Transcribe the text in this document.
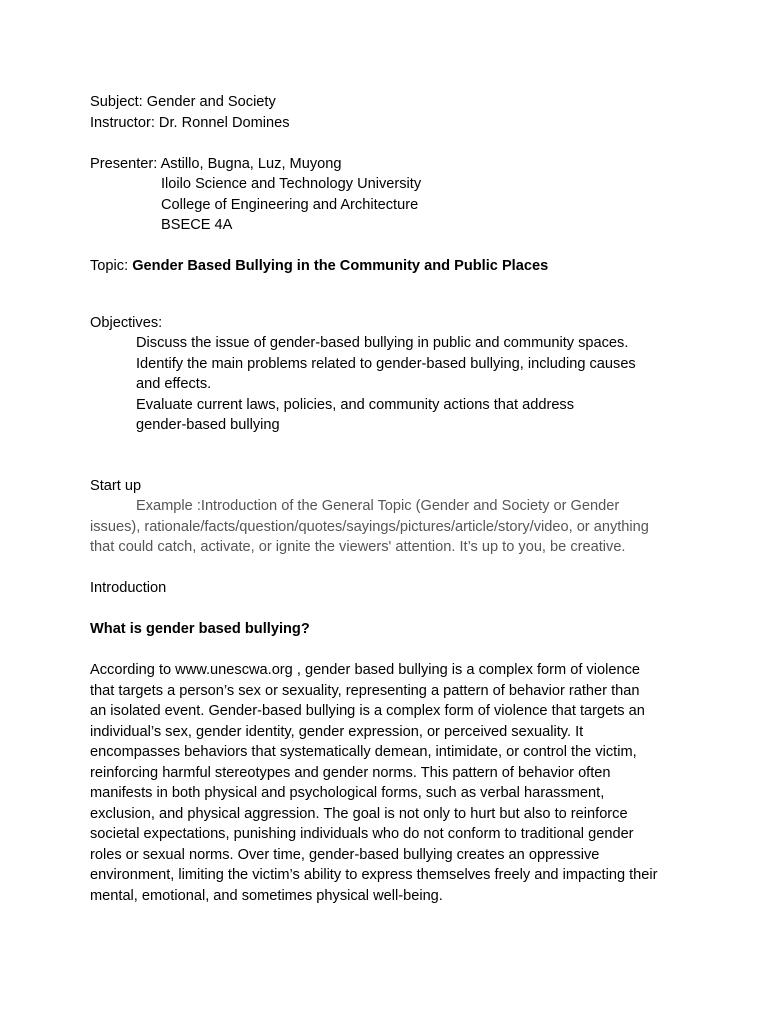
Subject: Gender and Society
Instructor: Dr. Ronnel Domines
Presenter: Astillo, Bugna, Luz, Muyong
Iloilo Science and Technology University
College of Engineering and Architecture
BSECE 4A
Topic: Gender Based Bullying in the Community and Public Places
Objectives:
Discuss the issue of gender-based bullying in public and community spaces.
Identify the main problems related to gender-based bullying, including causes
and effects.
Evaluate current laws, policies, and community actions that address
gender-based bullying
Start up
Example :Introduction of the General Topic (Gender and Society or Gender
issues), rationale/facts/question/quotes/sayings/pictures/article/story/video, or anything
that could catch, activate, or ignite the viewers' attention. It’s up to you, be creative.
Introduction
What is gender based bullying?
According to www.unescwa.org , gender based bullying is a complex form of violence
that targets a person’s sex or sexuality, representing a pattern of behavior rather than
an isolated event. Gender-based bullying is a complex form of violence that targets an
individual’s sex, gender identity, gender expression, or perceived sexuality. It
encompasses behaviors that systematically demean, intimidate, or control the victim,
reinforcing harmful stereotypes and gender norms. This pattern of behavior often
manifests in both physical and psychological forms, such as verbal harassment,
exclusion, and physical aggression. The goal is not only to hurt but also to reinforce
societal expectations, punishing individuals who do not conform to traditional gender
roles or sexual norms. Over time, gender-based bullying creates an oppressive
environment, limiting the victim’s ability to express themselves freely and impacting their
mental, emotional, and sometimes physical well-being.
